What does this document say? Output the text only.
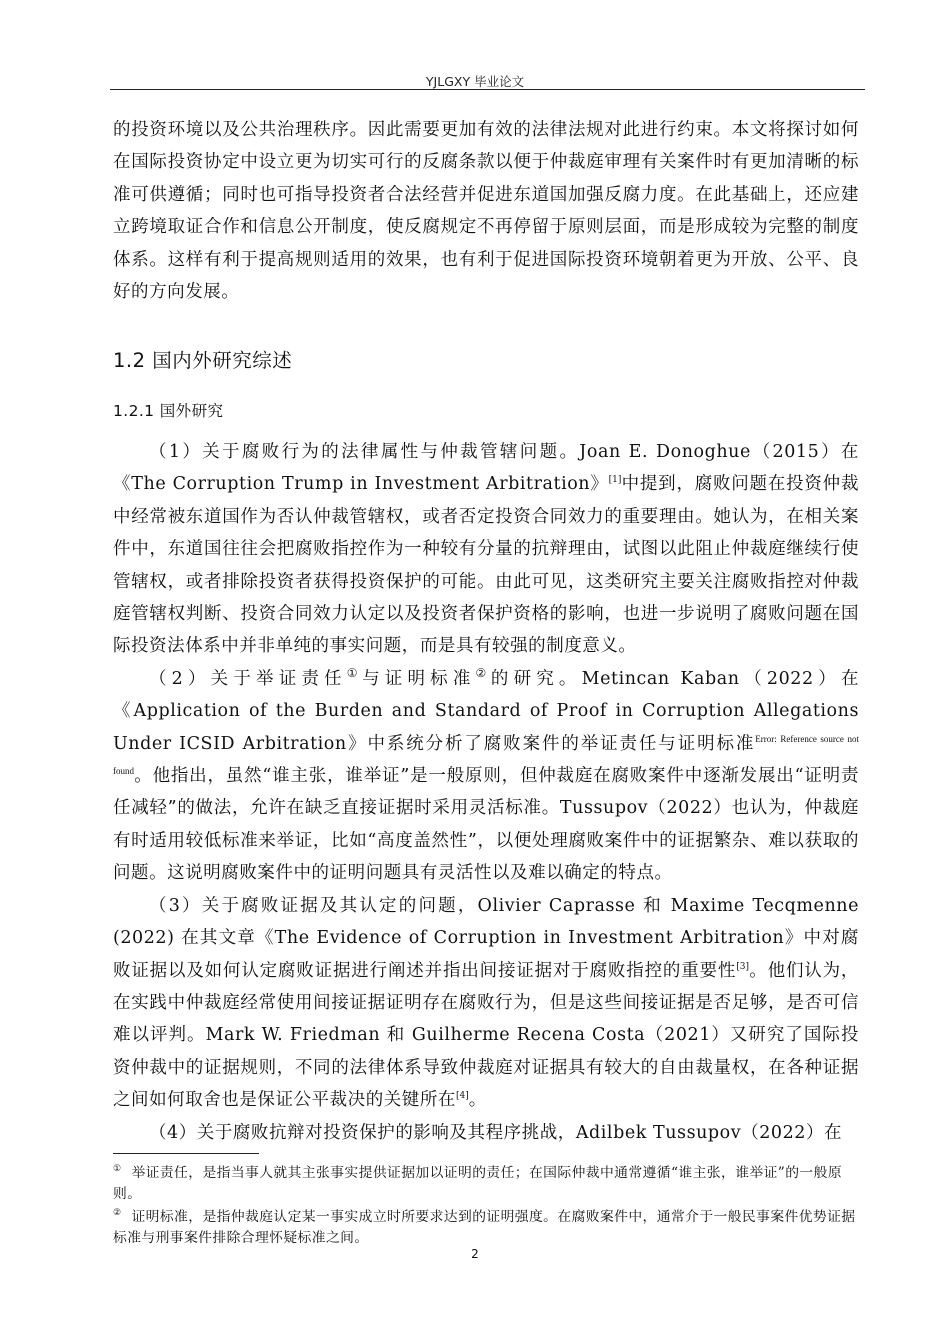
YJLGXY 毕业论文

的投资环境以及公共治理秩序。因此需要更加有效的法律法规对此进行约束。本文将探讨如何在国际投资协定中设立更为切实可行的反腐条款以便于仲裁庭审理有关案件时有更加清晰的标准可供遵循；同时也可指导投资者合法经营并促进东道国加强反腐力度。在此基础上，还应建立跨境取证合作和信息公开制度，使反腐规定不再停留于原则层面，而是形成较为完整的制度体系。这样有利于提高规则适用的效果，也有利于促进国际投资环境朝着更为开放、公平、良好的方向发展。

1.2 国内外研究综述
1.2.1 国外研究

（1）关于腐败行为的法律属性与仲裁管辖问题。Joan E. Donoghue（2015）在《The Corruption Trump in Investment Arbitration》[1]中提到，腐败问题在投资仲裁中经常被东道国作为否认仲裁管辖权，或者否定投资合同效力的重要理由。她认为，在相关案件中，东道国往往会把腐败指控作为一种较有分量的抗辩理由，试图以此阻止仲裁庭继续行使管辖权，或者排除投资者获得投资保护的可能。由此可见，这类研究主要关注腐败指控对仲裁庭管辖权判断、投资合同效力认定以及投资者保护资格的影响，也进一步说明了腐败问题在国际投资法体系中并非单纯的事实问题，而是具有较强的制度意义。

（2）关于举证责任①与证明标准②的研究。Metincan Kaban（2022）在《Application of the Burden and Standard of Proof in Corruption Allegations Under ICSID Arbitration》中系统分析了腐败案件的举证责任与证明标准$^{Error: Reference source not found}$。他指出，虽然“谁主张，谁举证”是一般原则，但仲裁庭在腐败案件中逐渐发展出“证明责任减轻”的做法，允许在缺乏直接证据时采用灵活标准。Tussupov（2022）也认为，仲裁庭有时适用较低标准来举证，比如“高度盖然性”，以便处理腐败案件中的证据繁杂、难以获取的问题。这说明腐败案件中的证明问题具有灵活性以及难以确定的特点。

（3）关于腐败证据及其认定的问题，Olivier Caprasse 和 Maxime Tecqmenne (2022) 在其文章《The Evidence of Corruption in Investment Arbitration》中对腐败证据以及如何认定腐败证据进行阐述并指出间接证据对于腐败指控的重要性[3]。他们认为，在实践中仲裁庭经常使用间接证据证明存在腐败行为，但是这些间接证据是否足够，是否可信难以评判。Mark W. Friedman 和 Guilherme Recena Costa（2021）又研究了国际投资仲裁中的证据规则，不同的法律体系导致仲裁庭对证据具有较大的自由裁量权，在各种证据之间如何取舍也是保证公平裁决的关键所在[4]。

（4）关于腐败抗辩对投资保护的影响及其程序挑战，Adilbek Tussupov（2022）在

① 举证责任，是指当事人就其主张事实提供证据加以证明的责任；在国际仲裁中通常遵循“谁主张，谁举证”的一般原则。

② 证明标准，是指仲裁庭认定某一事实成立时所要求达到的证明强度。在腐败案件中，通常介于一般民事案件优势证据标准与刑事案件排除合理怀疑标准之间。

2
